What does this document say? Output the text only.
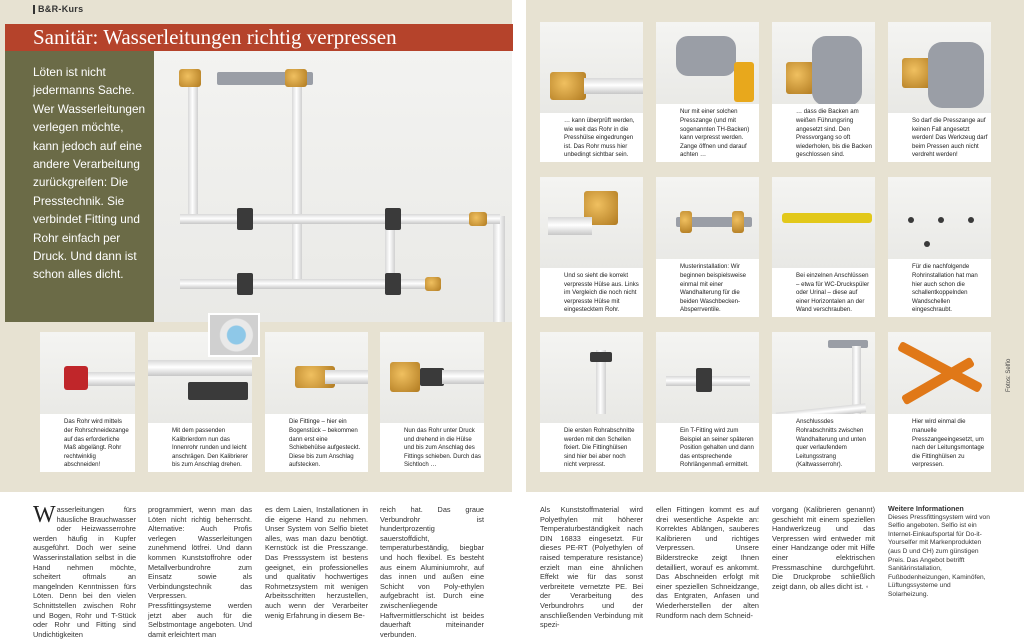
B&R-Kurs
Sanitär: Wasserleitungen richtig verpressen
Löten ist nicht jedermanns Sache. Wer Wasserleitungen verlegen möchte, kann jedoch auf eine andere Verarbeitung zurückgreifen: Die Presstechnik. Sie verbindet Fitting und Rohr einfach per Druck. Und dann ist schon alles dicht.
Das Rohr wird mittels der Rohrschneidezange auf das erforderliche Maß abgelängt. Rohr rechtwinklig abschneiden!
Mit dem passenden Kalibrierdorn nun das Innenrohr runden und leicht anschrägen. Den Kalibrierer bis zum Anschlag drehen.
Die Fittinge – hier ein Bogenstück – bekommen dann erst eine Schiebehülse aufgesteckt. Diese bis zum Anschlag aufstecken.
Nun das Rohr unter Druck und drehend in die Hülse und bis zum Anschlag des Fittings schieben. Durch das Sichtloch …
… kann überprüft werden, wie weit das Rohr in die Presshülse eingedrungen ist. Das Rohr muss hier unbedingt sichtbar sein.
Nur mit einer solchen Presszange (und mit sogenannten TH-Backen) kann verpresst werden. Zange öffnen und darauf achten …
… dass die Backen am weißen Führungsring angesetzt sind. Den Pressvorgang so oft wiederholen, bis die Backen geschlossen sind.
So darf die Presszange auf keinen Fall angesetzt werden! Das Werkzeug darf beim Pressen auch nicht verdreht werden!
Und so sieht die korrekt verpresste Hülse aus. Links im Vergleich die noch nicht verpresste Hülse mit eingestecktem Rohr.
Musterinstallation: Wir beginnen beispielsweise einmal mit einer Wandhalterung für die beiden Waschbecken-Absperrventile.
Bei einzelnen Anschlüssen – etwa für WC-Druckspüler oder Urinal – diese auf einer Horizontalen an der Wand verschrauben.
Für die nachfolgende Rohrinstallation hat man hier auch schon die schallentkoppelnden Wandschellen eingeschraubt.
Die ersten Rohrabschnitte werden mit den Schellen fixiert. Die Fittinghülsen sind hier bei aber noch nicht verpresst.
Ein T-Fitting wird zum Beispiel an seiner späteren Position gehalten und dann das entsprechende Rohrlängenmaß ermittelt.
Anschlussdes Rohrabschnitts zwischen Wandhalterung und unten quer verlaufendem Leitungsstrang (Kaltwasserrohr).
Hier wird einmal die manuelle Presszangeeingesetzt, um nach der Leitungsmontage die Fittinghülsen zu verpressen.
Fotos: Selfio
Wasserleitungen fürs häusliche Brauchwasser oder Heizwasserrohre werden häufig in Kupfer ausgeführt. Doch wer seine Wasserinstallation selbst in die Hand nehmen möchte, scheitert oftmals an mangelnden Kenntnissen fürs Löten. Denn bei den vielen Schnittstellen zwischen Rohr und Bogen, Rohr und T-Stück oder Rohr und Fitting sind Undichtigkeiten
programmiert, wenn man das Löten nicht richtig beherrscht. Alternative: Auch Profis verlegen Wasserleitungen zunehmend lötfrei. Und dann kommen Kunststoffrohre oder Metallverbundrohre zum Einsatz sowie als Verbindungstechnik das Verpressen. Pressfittingsysteme werden jetzt aber auch für die Selbstmontage angeboten. Und damit erleichtert man
es dem Laien, Installationen in die eigene Hand zu nehmen. Unser System von Selfio bietet alles, was man dazu benötigt. Kernstück ist die Presszange. Das Presssystem ist bestens geeignet, ein professionelles und qualitativ hochwertiges Rohrnetzsystem mit wenigen Arbeitsschritten herzustellen, auch wenn der Verarbeiter wenig Erfahrung in diesem Be-
reich hat. Das graue Verbundrohr ist hundertprozentig sauerstoffdicht, temperaturbeständig, biegbar und hoch flexibel. Es besteht aus einem Aluminiumrohr, auf das innen und außen eine Schicht von Poly-ethylen aufgebracht ist. Durch eine zwischenliegende Haftvermittlerschicht ist beides dauerhaft miteinander verbunden.
Als Kunststoffmaterial wird Polyethylen mit höherer Temperaturbeständigkeit nach DIN 16833 eingesetzt. Für dieses PE-RT (Polyethylen of raised temperature resistance) erzielt man eine ähnlichen Effekt wie für das sonst verbreitete vernetzte PE. Bei der Verarbeitung des Verbundrohrs und der anschließenden Verbindung mit spezi-
ellen Fittingen kommt es auf drei wesentliche Aspekte an: Korrektes Ablängen, sauberes Kalibrieren und richtiges Verpressen. Unsere Bilderstrecke zeigt Ihnen detailliert, worauf es ankommt. Das Abschneiden erfolgt mit einer speziellen Schneidzange, das Entgraten, Anfasen und Wiederherstellen der alten Rundform nach dem Schneid-
vorgang (Kalibrieren genannt) geschieht mit einem speziellen Handwerkzeug und das Verpressen wird entweder mit einer Handzange oder mit Hilfe einer elektrischen Pressmaschine durchgeführt. Die Druckprobe schließlich zeigt dann, ob alles dicht ist. ◦
Weitere Informationen
Dieses Pressfittingsystem wird von Selfio angeboten. Selfio ist ein Internet-Einkaufsportal für Do-it-Yourselfer mit Markenprodukten (aus D und CH) zum günstigen Preis. Das Angebot betrifft Sanitärinstallation, Fußbodenheizungen, Kaminöfen, Lüftungssysteme und Solarheizung.
